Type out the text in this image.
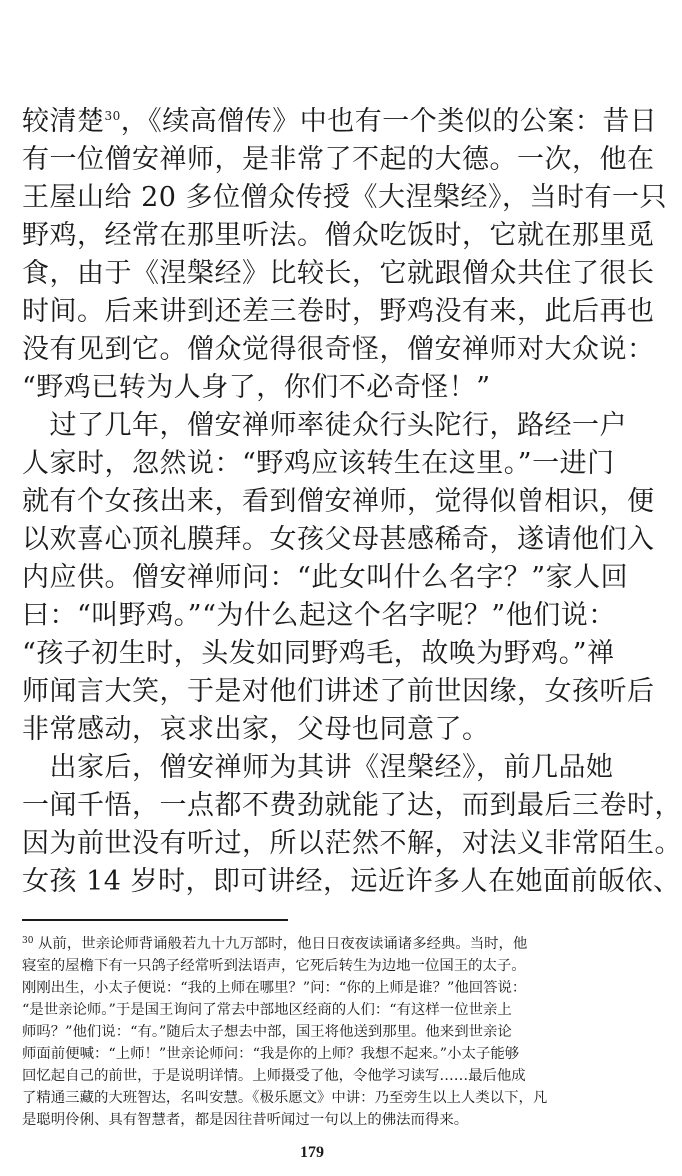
较清楚$^{30}$，《续高僧传》中也有一个类似的公案：昔日
有一位僧安禅师，是非常了不起的大德。一次，他在
王屋山给 20 多位僧众传授《大涅槃经》，当时有一只
野鸡，经常在那里听法。僧众吃饭时，它就在那里觅
食，由于《涅槃经》比较长，它就跟僧众共住了很长
时间。后来讲到还差三卷时，野鸡没有来，此后再也
没有见到它。僧众觉得很奇怪，僧安禅师对大众说：
“野鸡已转为人身了，你们不必奇怪！”
　过了几年，僧安禅师率徒众行头陀行，路经一户
人家时，忽然说：“野鸡应该转生在这里。”一进门
就有个女孩出来，看到僧安禅师，觉得似曾相识，便
以欢喜心顶礼膜拜。女孩父母甚感稀奇，遂请他们入
内应供。僧安禅师问：“此女叫什么名字？”家人回
曰：“叫野鸡。”“为什么起这个名字呢？”他们说：
“孩子初生时，头发如同野鸡毛，故唤为野鸡。”禅
师闻言大笑，于是对他们讲述了前世因缘，女孩听后
非常感动，哀求出家，父母也同意了。
　出家后，僧安禅师为其讲《涅槃经》，前几品她
一闻千悟，一点都不费劲就能了达，而到最后三卷时，
因为前世没有听过，所以茫然不解，对法义非常陌生。
女孩 14 岁时，即可讲经，远近许多人在她面前皈依、
$^{30}$ 从前，世亲论师背诵般若九十九万部时，他日日夜夜读诵诸多经典。当时，他
寝室的屋檐下有一只鸽子经常听到法语声，它死后转生为边地一位国王的太子。
刚刚出生，小太子便说：“我的上师在哪里？”问：“你的上师是谁？”他回答说：
“是世亲论师。”于是国王询问了常去中部地区经商的人们：“有这样一位世亲上
师吗？”他们说：“有。”随后太子想去中部，国王将他送到那里。他来到世亲论
师面前便喊：“上师！”世亲论师问：“我是你的上师？我想不起来。”小太子能够
回忆起自己的前世，于是说明详情。上师摄受了他，令他学习读写……最后他成
了精通三藏的大班智达，名叫安慧。《极乐愿文》中讲：乃至旁生以上人类以下，凡
是聪明伶俐、具有智慧者，都是因往昔听闻过一句以上的佛法而得来。
179
